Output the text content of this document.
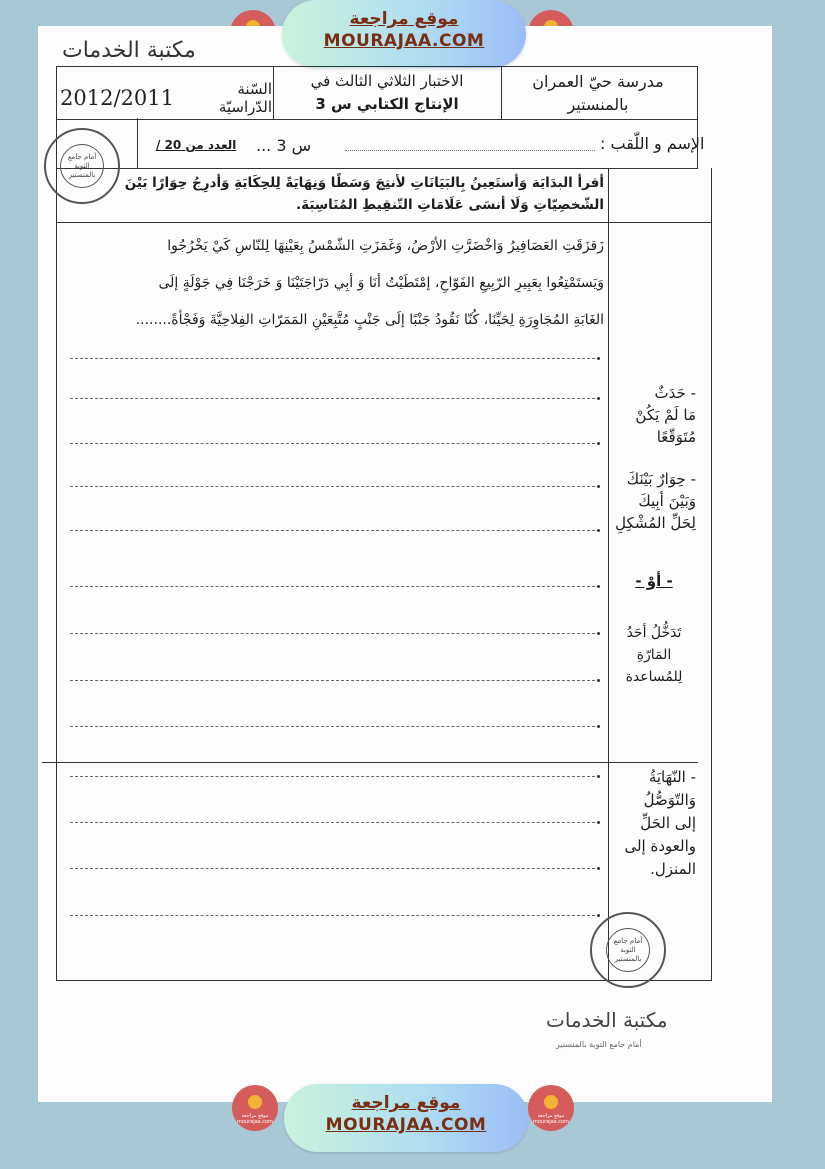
موقع مراجعة
MOURAJAA.COM
مكتبة الخدمات
مدرسة حيّ العمران
بالمنستير
الاختبار الثلاثي الثالث في
الإنتاج الكتابي س 3
السّنة الدّراسيّة
2012/2011
الإسم و اللّقب :
س 3 ...
العدد من 20 /
أقرأ البدَايَة وَأستَعِينُ بِالبَيَانَاتِ لأنتِجَ وَسَطًا وَنِهَايَةً لِلحِكَايَةِ وَأدرِجُ حِوَارًا بَيْنَ
الشّخصِيّاتِ وَلَا أنسَى عَلَامَاتِ التّنقِيطِ المُنَاسِبَةَ.
زَقزَقَتِ العَصَافِيرُ وَاخْضَرَّتِ الأرْضُ، وَغَمَزَتِ الشّمْسُ بِعَيْنِهَا لِلنّاسِ كَيْ يَخْرُجُوا
وَيَستَمْتِعُوا بِعَبِيرِ الرّبِيعِ الفَوّاحِ، إمْتَطَيْتُ أنَا وَ أبِي دَرّاجَتَيْنَا وَ خَرَجْنَا فِي جَوْلَةٍ إلَى
الغَابَةِ المُجَاوِرَةِ لِحَيِّنَا، كُنّا نَقُودُ جَنْبًا إلَى جَنْبٍ مُتَّبِعَيْنِ المَمَرّاتِ الفِلاحِيَّةَ وَفَجْأةً........
- حَدَثٌ
مَا لَمْ يَكُنْ
مُتَوَقّعًا
- حِوَارٌ بَيْنَكَ
وَبَيْنَ أبِيكَ
لِحَلِّ المُشْكِلِ
- أوْ -
تَدَخُّلُ أحَدُ
المَارّةِ
لِلمُساعدة
- النّهَايَةُ
وَالتّوَصُّلُ
إلى الحَلِّ
والعودة إلى
المنزل.
أمام جامع التوبة بالمنستير
أمام جامع التوبة بالمنستير
مكتبة الخدمات
أمام جامع التوبة بالمنستير
موقع مراجعة mourajaa.com
موقع مراجعة mourajaa.com
موقع مراجعة
MOURAJAA.COM
